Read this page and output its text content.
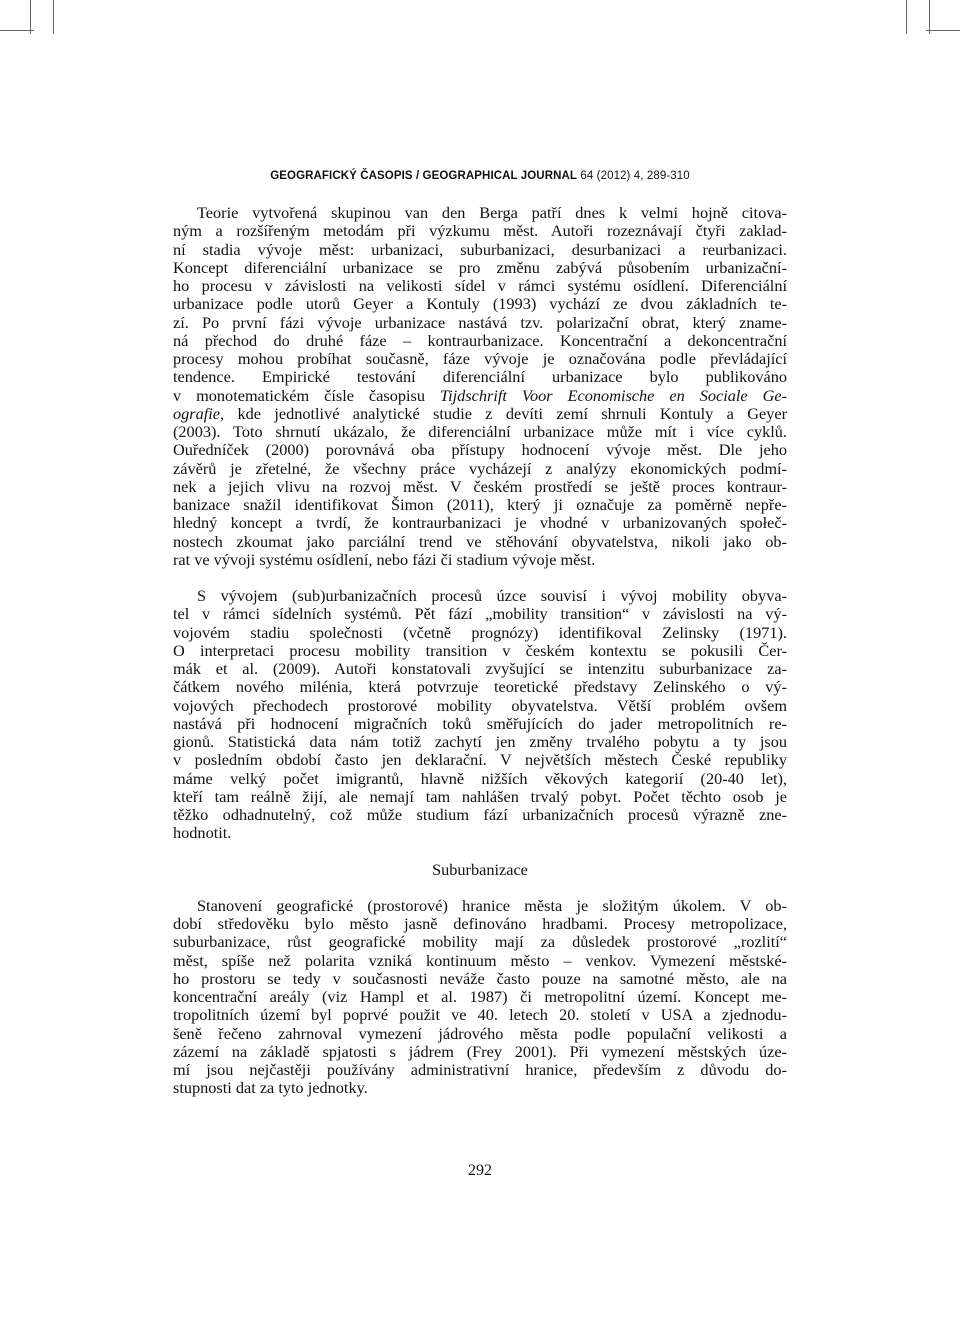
GEOGRAFICKÝ ČASOPIS / GEOGRAPHICAL JOURNAL 64 (2012) 4, 289-310
Teorie vytvořená skupinou van den Berga patří dnes k velmi hojně citova-
ným a rozšířeným metodám při výzkumu měst. Autoři rozeznávají čtyři zaklad-
ní stadia vývoje měst: urbanizaci, suburbanizaci, desurbanizaci a reurbanizaci.
Koncept diferenciální urbanizace se pro změnu zabývá působením urbanizační-
ho procesu v závislosti na velikosti sídel v rámci systému osídlení. Diferenciální
urbanizace podle utorů Geyer a Kontuly (1993) vychází ze dvou základních te-
zí. Po první fázi vývoje urbanizace nastává tzv. polarizační obrat, který zname-
ná přechod do druhé fáze – kontraurbanizace. Koncentrační a dekoncentrační
procesy mohou probíhat současně, fáze vývoje je označována podle převládající
tendence. Empirické testování diferenciální urbanizace bylo publikováno
v monotematickém čísle časopisu Tijdschrift Voor Economische en Sociale Ge-
ografie, kde jednotlivé analytické studie z devíti zemí shrnuli Kontuly a Geyer
(2003). Toto shrnutí ukázalo, že diferenciální urbanizace může mít i více cyklů.
Ouředníček (2000) porovnává oba přístupy hodnocení vývoje měst. Dle jeho
závěrů je zřetelné, že všechny práce vycházejí z analýzy ekonomických podmí-
nek a jejich vlivu na rozvoj měst. V českém prostředí se ještě proces kontraur-
banizace snažil identifikovat Šimon (2011), který ji označuje za poměrně nepře-
hledný koncept a tvrdí, že kontraurbanizaci je vhodné v urbanizovaných społeč-
nostech zkoumat jako parciální trend ve stěhování obyvatelstva, nikoli jako ob-
rat ve vývoji systému osídlení, nebo fázi či stadium vývoje měst.
S vývojem (sub)urbanizačních procesů úzce souvisí i vývoj mobility obyva-
tel v rámci sídelních systémů. Pět fází „mobility transition“ v závislosti na vý-
vojovém stadiu společnosti (včetně prognózy) identifikoval Zelinsky (1971).
O interpretaci procesu mobility transition v českém kontextu se pokusili Čer-
mák et al. (2009). Autoři konstatovali zvyšující se intenzitu suburbanizace za-
čátkem nového milénia, která potvrzuje teoretické představy Zelinského o vý-
vojových přechodech prostorové mobility obyvatelstva. Větší problém ovšem
nastává při hodnocení migračních toků směřujících do jader metropolitních re-
gionů. Statistická data nám totiž zachytí jen změny trvalého pobytu a ty jsou
v posledním období často jen deklarační. V největších městech České republiky
máme velký počet imigrantů, hlavně nižších věkových kategorií (20-40 let),
kteří tam reálně žijí, ale nemají tam nahlášen trvalý pobyt. Počet těchto osob je
těžko odhadnutelný, což může studium fází urbanizačních procesů výrazně zne-
hodnotit.
Suburbanizace
Stanovení geografické (prostorové) hranice města je složitým úkolem. V ob-
dobí středověku bylo město jasně definováno hradbami. Procesy metropolizace,
suburbanizace, růst geografické mobility mají za důsledek prostorové „rozlití“
měst, spíše než polarita vzniká kontinuum město – venkov. Vymezení městské-
ho prostoru se tedy v současnosti neváže často pouze na samotné město, ale na
koncentrační areály (viz Hampl et al. 1987) či metropolitní území. Koncept me-
tropolitních území byl poprvé použit ve 40. letech 20. století v USA a zjednodu-
šeně řečeno zahrnoval vymezení jádrového města podle populační velikosti a
zázemí na základě spjatosti s jádrem (Frey 2001). Při vymezení městských úze-
mí jsou nejčastěji používány administrativní hranice, především z důvodu do-
stupnosti dat za tyto jednotky.
292
